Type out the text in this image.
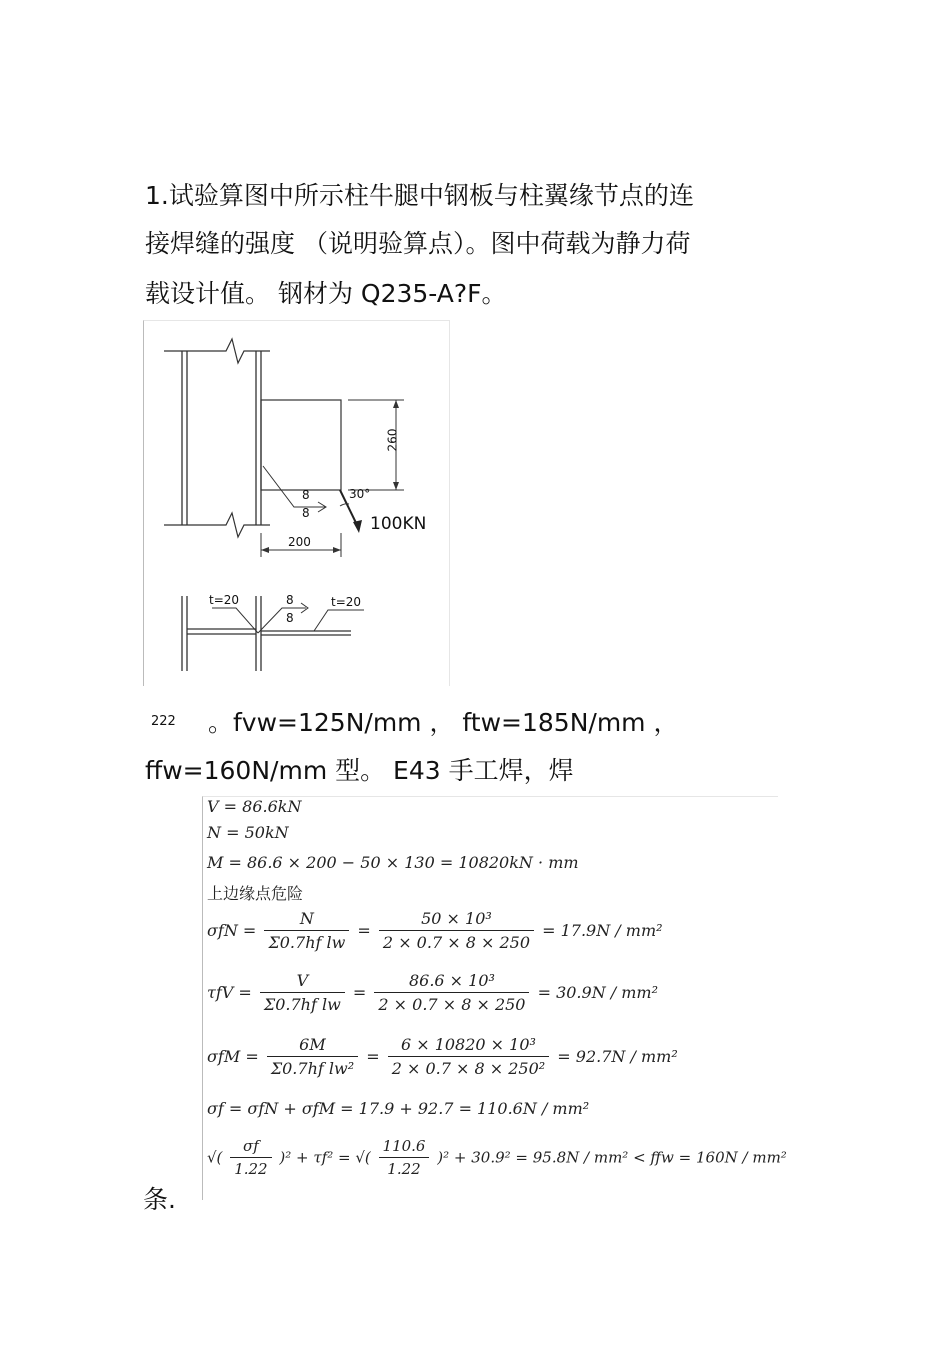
1.试验算图中所示柱牛腿中钢板与柱翼缘节点的连
接焊缝的强度 （说明验算点）。图中荷载为静力荷
载设计值。 钢材为 Q235-A?F。
260
8
8
30°
100KN
200
t=20	8
8
t=20
222 。fvw=125N/mm ， ftw=185N/mm ，
ffw=160N/mm 型。 E43 手工焊，焊
V = 86.6kN
N = 50kN
M = 86.6 × 200 − 50 × 130 = 10820kN · mm
上边缘点危险
$\sigma fN = \frac{N}{\text{Σ0.7hf lw}} = \frac{\text{50 × 10³}}{2 \times 0.7 \times 8 \times 250} = 17.9N / mm^2$
$\tau fV = \frac{V}{\text{Σ0.7hf lw}} = \frac{\text{86.6 × 10³}}{2 \times 0.7 \times 8 \times 250} = 30.9N / mm^2$
$\sigma fM = \frac{6M}{\text{Σ0.7hf lw²}} = \frac{\text{6 × 10820 × 10³}}{\text{2 × 0.7 × 8 × 250²}} = 92.7N / mm^2$
σf = σfN + σfM = 17.9 + 92.7 = 110.6N / mm²
√( $\frac{\sigma f}{1.22} )^2 + \tau f^2$ = √( $\frac{110.6}{1.22} )^2 + 30.9^2 = 95.8N / mm^2$ < ffw = 160N / mm²
条.
